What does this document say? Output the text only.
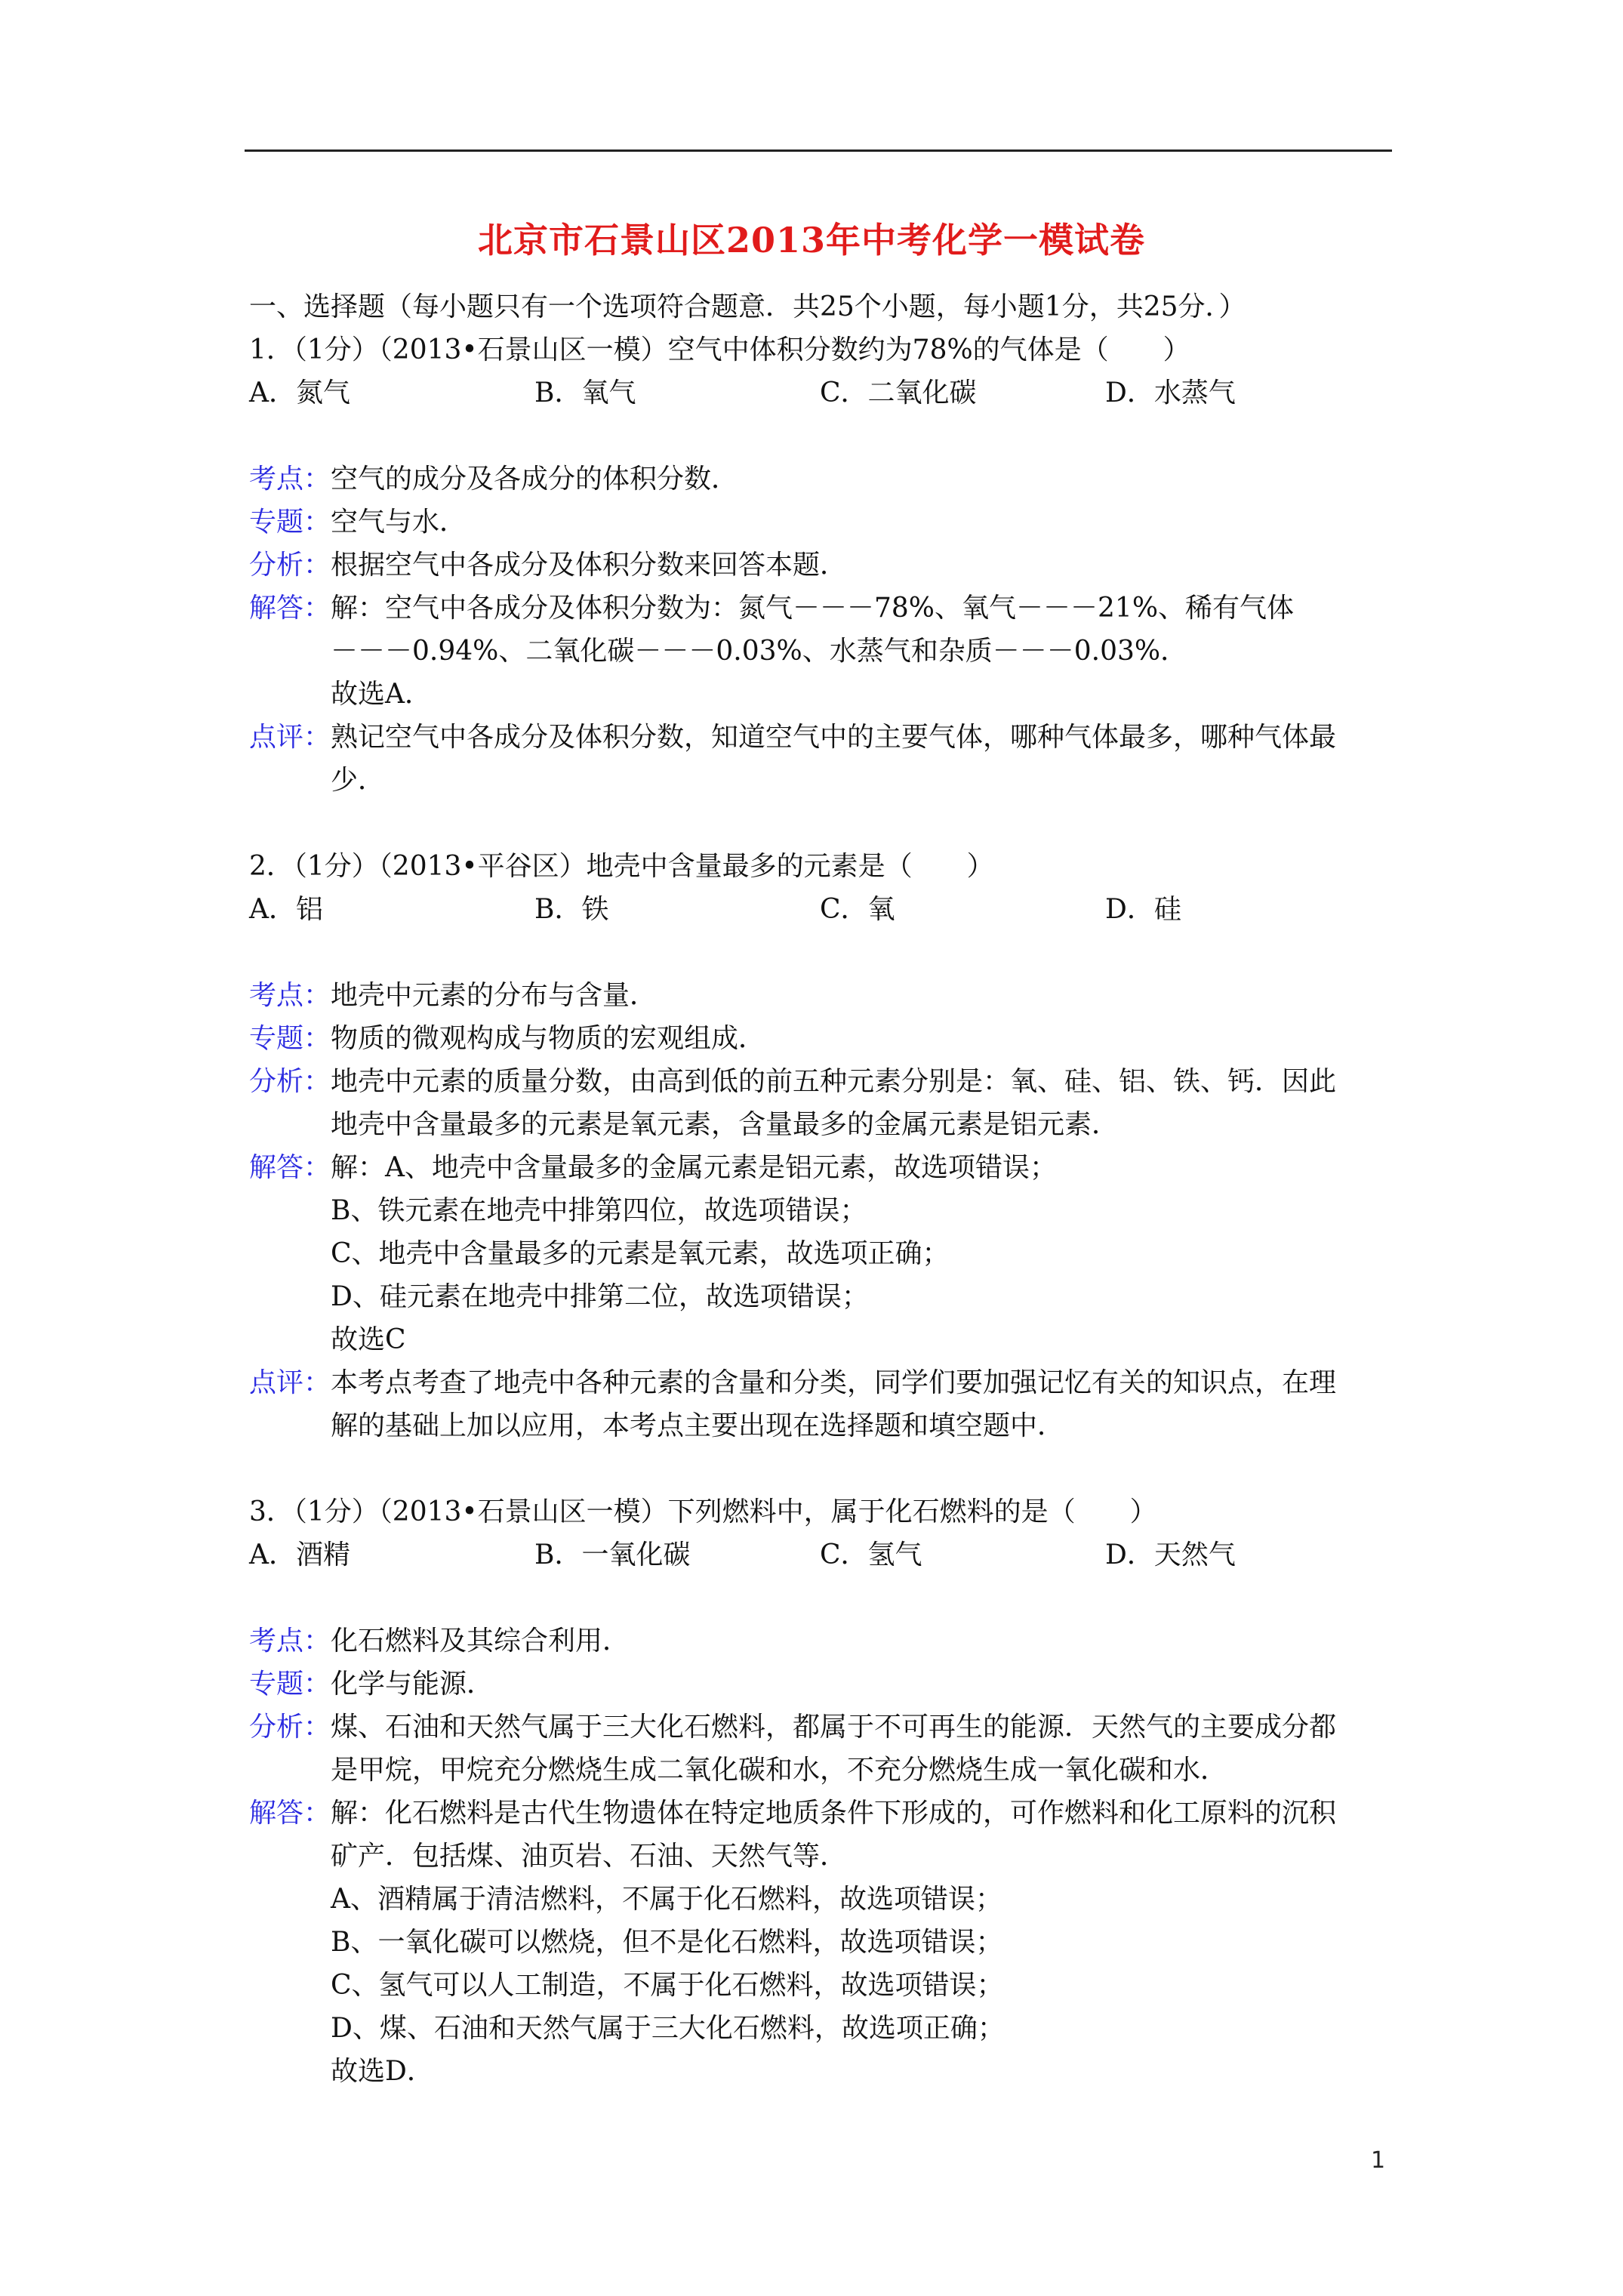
北京市石景山区2013年中考化学一模试卷
一、选择题（每小题只有一个选项符合题意．共25个小题，每小题1分，共25分．）
1．（1分）（2013•石景山区一模）空气中体积分数约为78%的气体是（　　）
A．氮气	B．氧气	C．二氧化碳	D．水蒸气
考点： 空气的成分及各成分的体积分数．
专题： 空气与水．
分析： 根据空气中各成分及体积分数来回答本题．
解答： 解：空气中各成分及体积分数为：氮气－－－78%、氧气－－－21%、稀有气体
－－－0.94%、二氧化碳－－－0.03%、水蒸气和杂质－－－0.03%．
故选A．
点评： 熟记空气中各成分及体积分数，知道空气中的主要气体，哪种气体最多，哪种气体最
少．
2．（1分）（2013•平谷区）地壳中含量最多的元素是（　　）
A．铝	B．铁	C．氧	D．硅
考点： 地壳中元素的分布与含量．
专题： 物质的微观构成与物质的宏观组成．
分析： 地壳中元素的质量分数，由高到低的前五种元素分别是：氧、硅、铝、铁、钙．因此
地壳中含量最多的元素是氧元素，含量最多的金属元素是铝元素．
解答： 解：A、地壳中含量最多的金属元素是铝元素，故选项错误；
B、铁元素在地壳中排第四位，故选项错误；
C、地壳中含量最多的元素是氧元素，故选项正确；
D、硅元素在地壳中排第二位，故选项错误；
故选C
点评： 本考点考查了地壳中各种元素的含量和分类，同学们要加强记忆有关的知识点，在理
解的基础上加以应用，本考点主要出现在选择题和填空题中．
3．（1分）（2013•石景山区一模）下列燃料中，属于化石燃料的是（　　）
A．酒精	B．一氧化碳	C．氢气	D．天然气
考点： 化石燃料及其综合利用．
专题： 化学与能源．
分析： 煤、石油和天然气属于三大化石燃料，都属于不可再生的能源．天然气的主要成分都
是甲烷，甲烷充分燃烧生成二氧化碳和水，不充分燃烧生成一氧化碳和水．
解答： 解：化石燃料是古代生物遗体在特定地质条件下形成的，可作燃料和化工原料的沉积
矿产．包括煤、油页岩、石油、天然气等．
A、酒精属于清洁燃料，不属于化石燃料，故选项错误；
B、一氧化碳可以燃烧，但不是化石燃料，故选项错误；
C、氢气可以人工制造，不属于化石燃料，故选项错误；
D、煤、石油和天然气属于三大化石燃料，故选项正确；
故选D．
1
